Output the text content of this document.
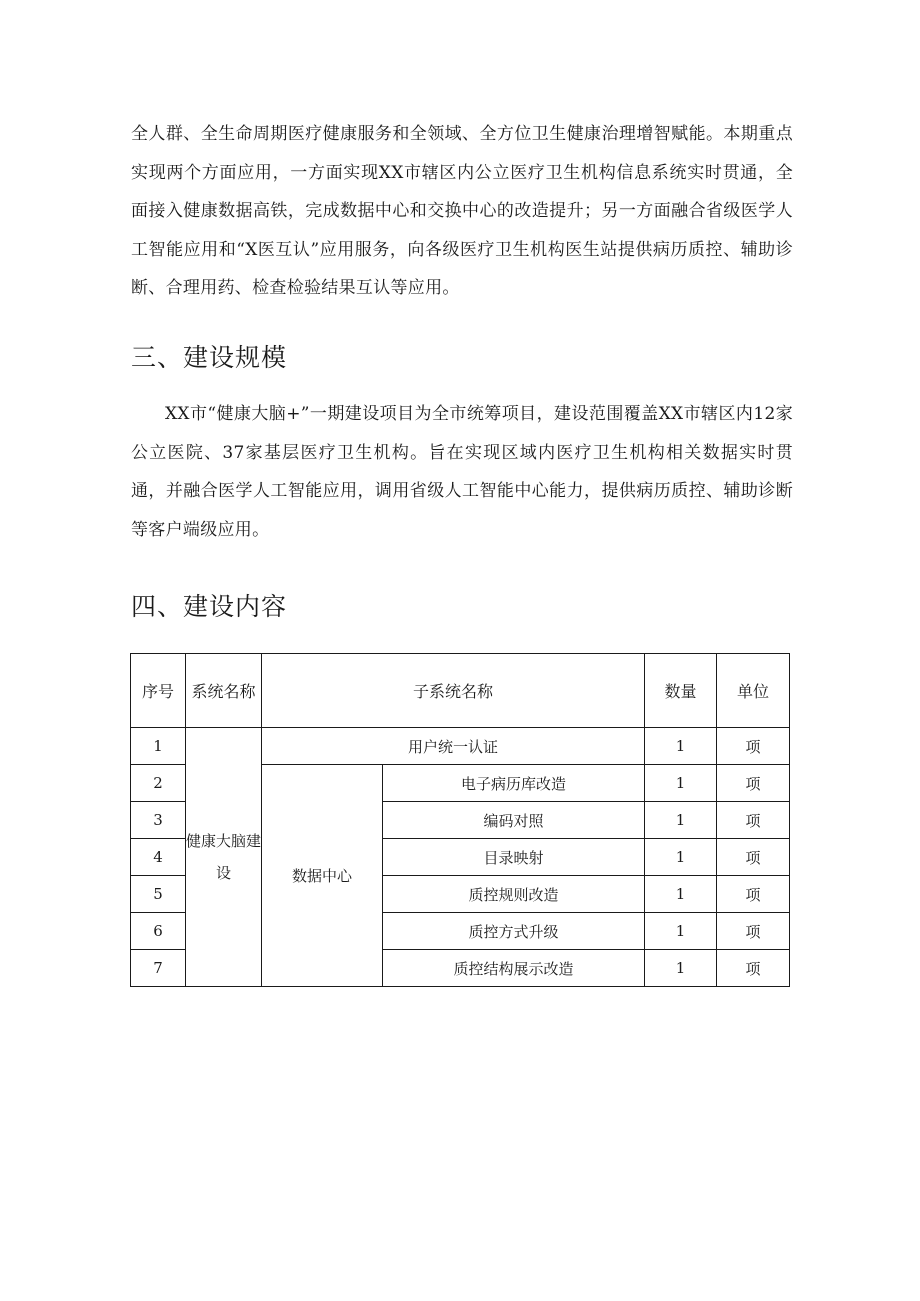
全人群、全生命周期医疗健康服务和全领域、全方位卫生健康治理增智赋能。本期重点实现两个方面应用，一方面实现XX市辖区内公立医疗卫生机构信息系统实时贯通，全面接入健康数据高铁，完成数据中心和交换中心的改造提升；另一方面融合省级医学人工智能应用和“X医互认”应用服务，向各级医疗卫生机构医生站提供病历质控、辅助诊断、合理用药、检查检验结果互认等应用。

三、建设规模

XX市“健康大脑+”一期建设项目为全市统筹项目，建设范围覆盖XX市辖区内12家公立医院、37家基层医疗卫生机构。旨在实现区域内医疗卫生机构相关数据实时贯通，并融合医学人工智能应用，调用省级人工智能中心能力，提供病历质控、辅助诊断等客户端级应用。

四、建设内容
序号	系统名称	子系统名称		数量	单位
1	健康大脑建设	用户统一认证		1	项
2		数据中心	电子病历库改造	1	项
3			编码对照	1	项
4			目录映射	1	项
5			质控规则改造	1	项
6			质控方式升级	1	项
7			质控结构展示改造	1	项
